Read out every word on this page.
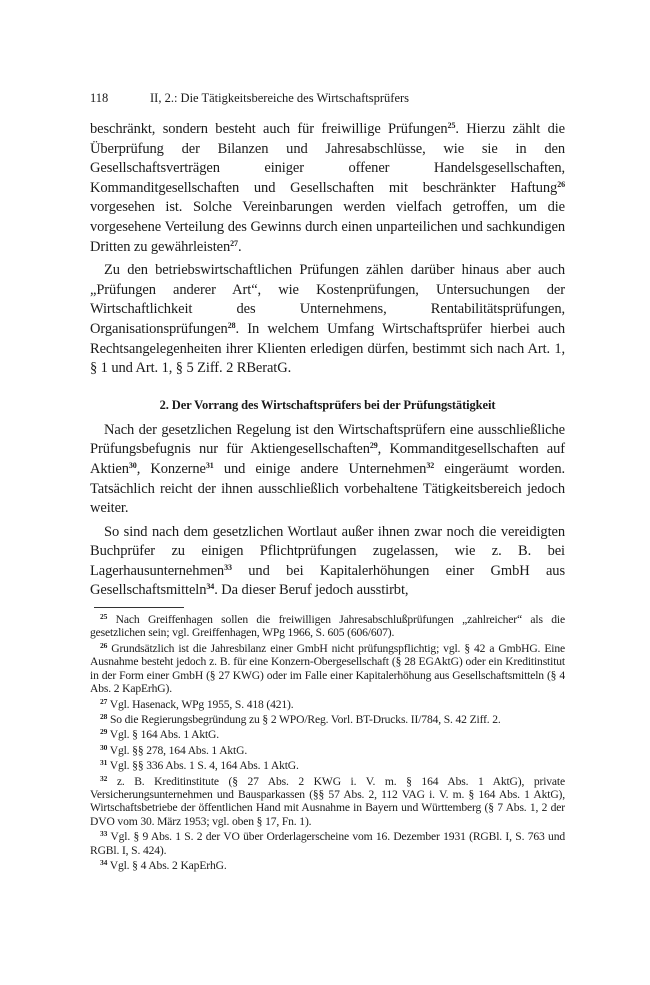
118	II, 2.: Die Tätigkeitsbereiche des Wirtschaftsprüfers

beschränkt, sondern besteht auch für freiwillige Prüfungen$^{25}$. Hierzu zählt die Überprüfung der Bilanzen und Jahresabschlüsse, wie sie in den Gesellschaftsverträgen einiger offener Handelsgesellschaften, Kommanditgesellschaften und Gesellschaften mit beschränkter Haftung$^{26}$ vorgesehen ist. Solche Vereinbarungen werden vielfach getroffen, um die vorgesehene Verteilung des Gewinns durch einen unparteilichen und sachkundigen Dritten zu gewährleisten$^{27}$.

Zu den betriebswirtschaftlichen Prüfungen zählen darüber hinaus aber auch „Prüfungen anderer Art“, wie Kostenprüfungen, Untersuchungen der Wirtschaftlichkeit des Unternehmens, Rentabilitätsprüfungen, Organisationsprüfungen$^{28}$. In welchem Umfang Wirtschaftsprüfer hierbei auch Rechtsangelegenheiten ihrer Klienten erledigen dürfen, bestimmt sich nach Art. 1, § 1 und Art. 1, § 5 Ziff. 2 RBeratG.

2. Der Vorrang des Wirtschaftsprüfers bei der Prüfungstätigkeit

Nach der gesetzlichen Regelung ist den Wirtschaftsprüfern eine ausschließliche Prüfungsbefugnis nur für Aktiengesellschaften$^{29}$, Kommanditgesellschaften auf Aktien$^{30}$, Konzerne$^{31}$ und einige andere Unternehmen$^{32}$ eingeräumt worden. Tatsächlich reicht der ihnen ausschließlich vorbehaltene Tätigkeitsbereich jedoch weiter.

So sind nach dem gesetzlichen Wortlaut außer ihnen zwar noch die vereidigten Buchprüfer zu einigen Pflichtprüfungen zugelassen, wie z. B. bei Lagerhausunternehmen$^{33}$ und bei Kapitalerhöhungen einer GmbH aus Gesellschaftsmitteln$^{34}$. Da dieser Beruf jedoch ausstirbt,

$^{25}$ Nach Greiffenhagen sollen die freiwilligen Jahresabschlußprüfungen „zahlreicher“ als die gesetzlichen sein; vgl. Greiffenhagen, WPg 1966, S. 605 (606/607).

$^{26}$ Grundsätzlich ist die Jahresbilanz einer GmbH nicht prüfungspflichtig; vgl. § 42 a GmbHG. Eine Ausnahme besteht jedoch z. B. für eine Konzern-Obergesellschaft (§ 28 EGAktG) oder ein Kreditinstitut in der Form einer GmbH (§ 27 KWG) oder im Falle einer Kapitalerhöhung aus Gesellschaftsmitteln (§ 4 Abs. 2 KapErhG).

$^{27}$ Vgl. Hasenack, WPg 1955, S. 418 (421).

$^{28}$ So die Regierungsbegründung zu § 2 WPO/Reg. Vorl. BT-Drucks. II/784, S. 42 Ziff. 2.

$^{29}$ Vgl. § 164 Abs. 1 AktG.

$^{30}$ Vgl. §§ 278, 164 Abs. 1 AktG.

$^{31}$ Vgl. §§ 336 Abs. 1 S. 4, 164 Abs. 1 AktG.

$^{32}$ z. B. Kreditinstitute (§ 27 Abs. 2 KWG i. V. m. § 164 Abs. 1 AktG), private Versicherungsunternehmen und Bausparkassen (§§ 57 Abs. 2, 112 VAG i. V. m. § 164 Abs. 1 AktG), Wirtschaftsbetriebe der öffentlichen Hand mit Ausnahme in Bayern und Württemberg (§ 7 Abs. 1, 2 der DVO vom 30. März 1953; vgl. oben § 17, Fn. 1).

$^{33}$ Vgl. § 9 Abs. 1 S. 2 der VO über Orderlagerscheine vom 16. Dezember 1931 (RGBl. I, S. 763 und RGBl. I, S. 424).

$^{34}$ Vgl. § 4 Abs. 2 KapErhG.
